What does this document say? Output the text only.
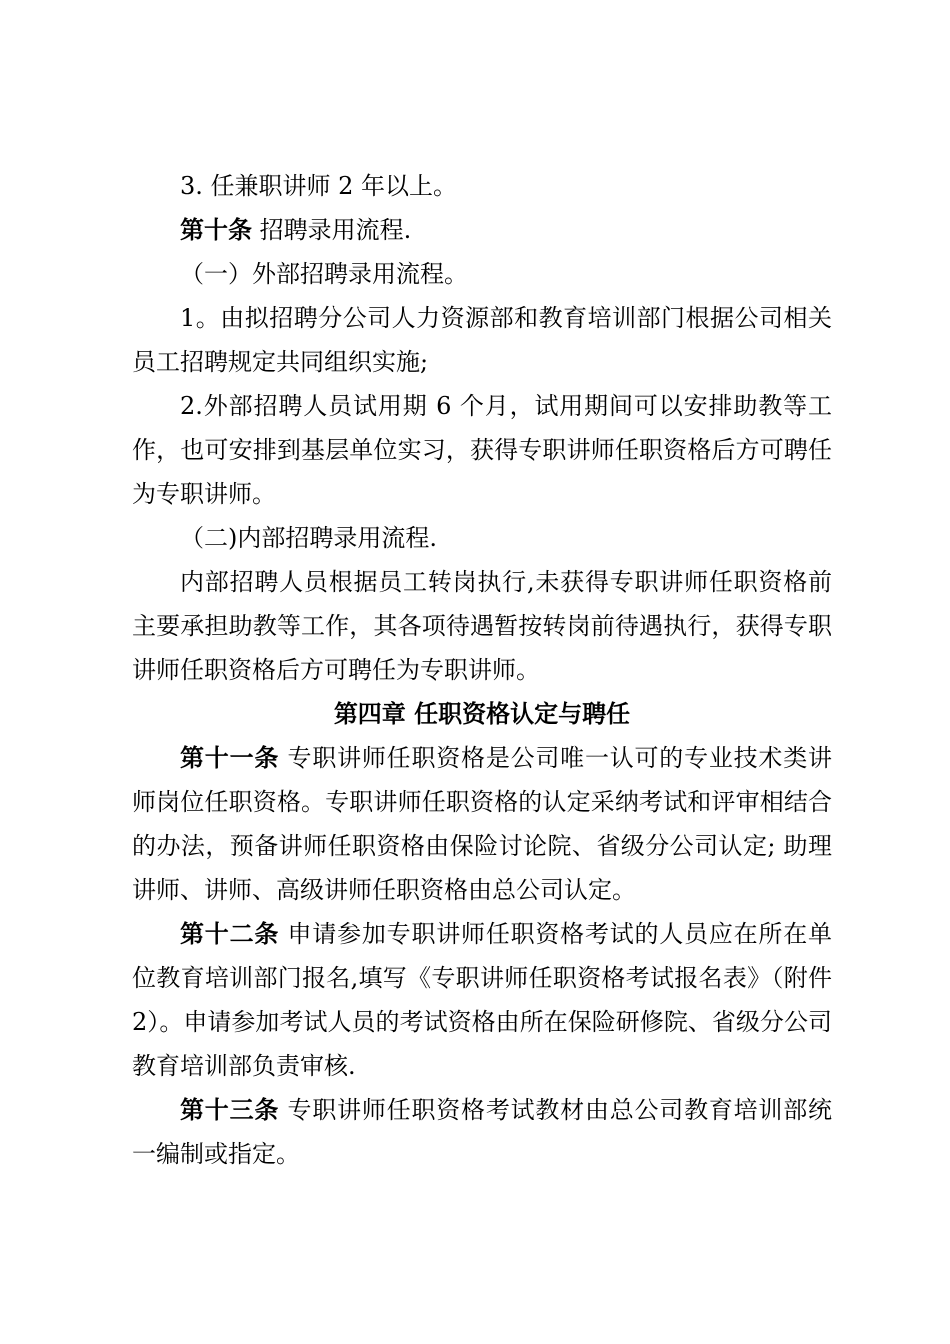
3. 任兼职讲师 2 年以上。

第十条 招聘录用流程.

（一）外部招聘录用流程。

1。由拟招聘分公司人力资源部和教育培训部门根据公司相关员工招聘规定共同组织实施;

2.外部招聘人员试用期 6 个月，试用期间可以安排助教等工作，也可安排到基层单位实习，获得专职讲师任职资格后方可聘任为专职讲师。

（二)内部招聘录用流程.

内部招聘人员根据员工转岗执行,未获得专职讲师任职资格前主要承担助教等工作，其各项待遇暂按转岗前待遇执行，获得专职讲师任职资格后方可聘任为专职讲师。

第四章 任职资格认定与聘任

第十一条 专职讲师任职资格是公司唯一认可的专业技术类讲师岗位任职资格。专职讲师任职资格的认定采纳考试和评审相结合的办法，预备讲师任职资格由保险讨论院、省级分公司认定; 助理讲师、讲师、高级讲师任职资格由总公司认定。

第十二条 申请参加专职讲师任职资格考试的人员应在所在单位教育培训部门报名,填写《专职讲师任职资格考试报名表》（附件 2）。申请参加考试人员的考试资格由所在保险研修院、省级分公司教育培训部负责审核.

第十三条 专职讲师任职资格考试教材由总公司教育培训部统一编制或指定。
